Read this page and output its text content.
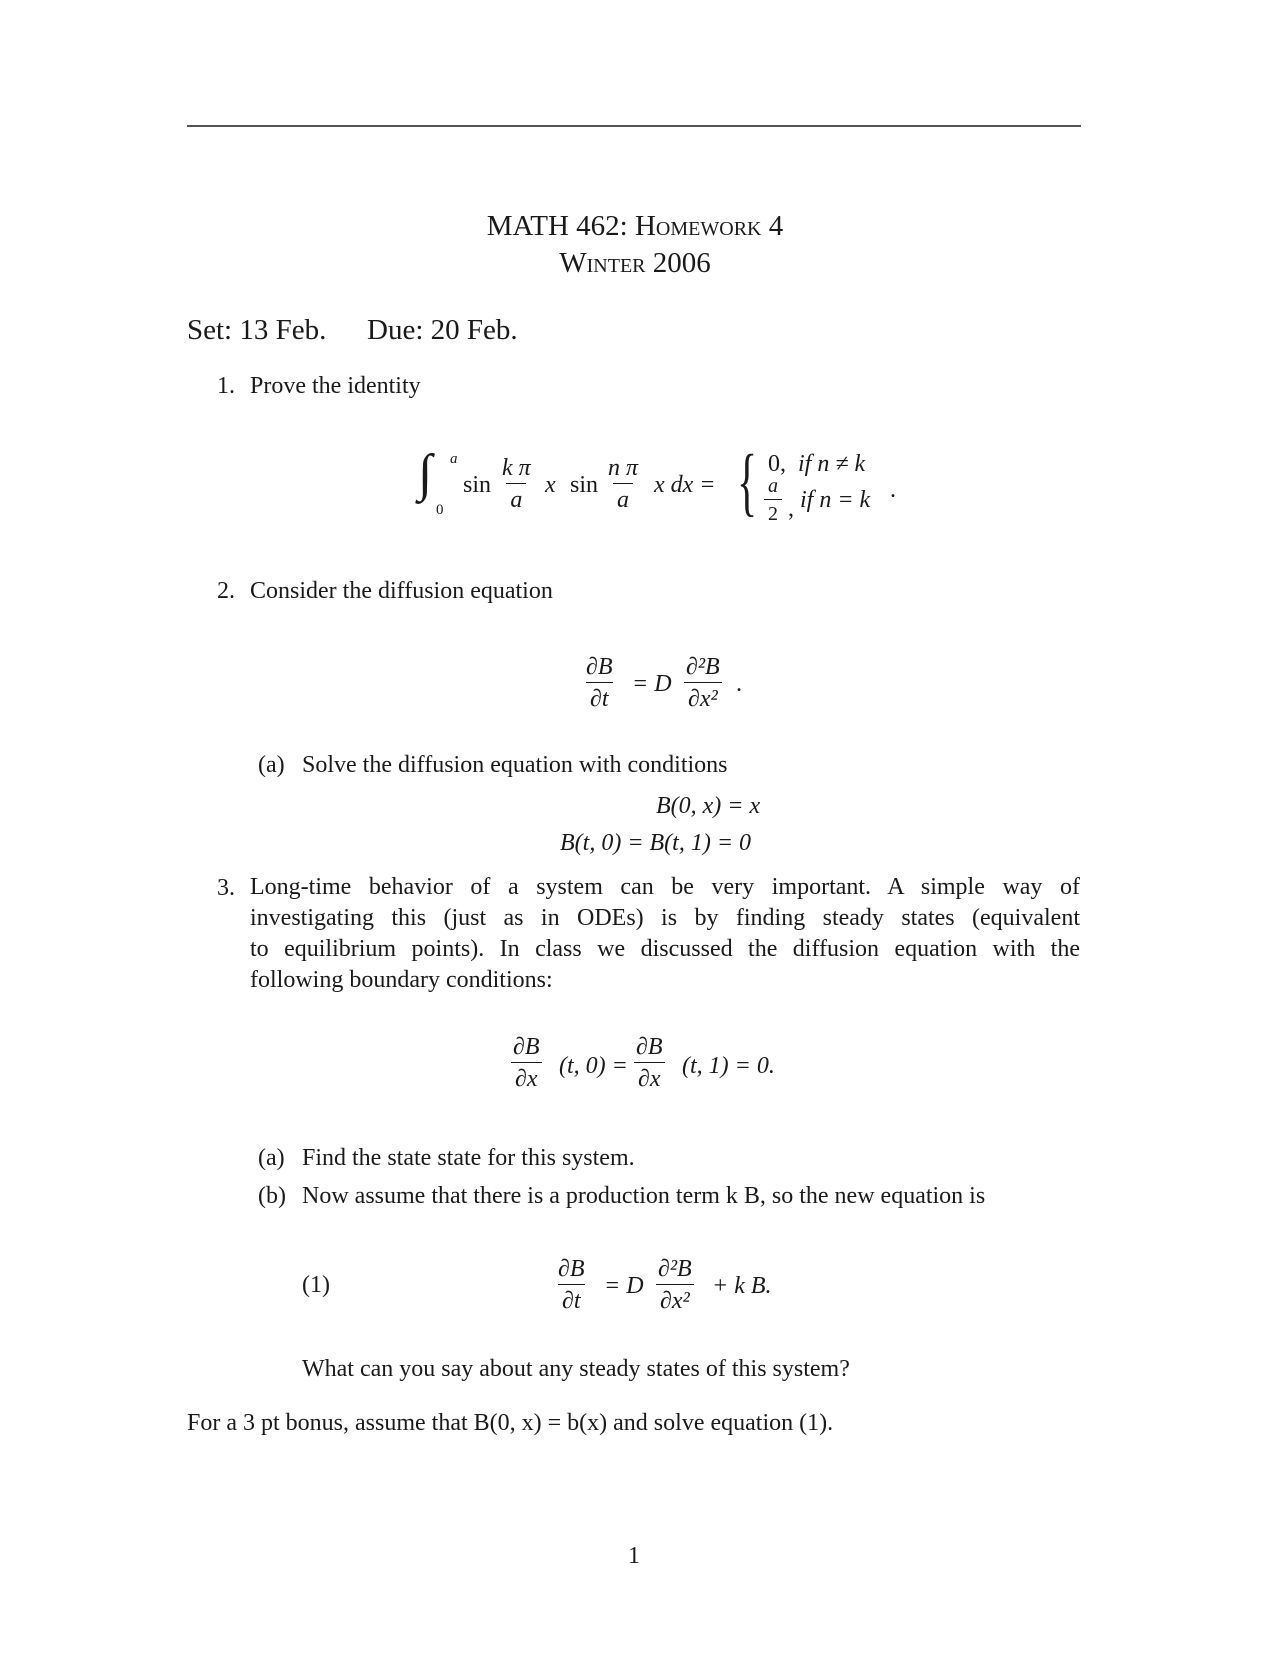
MATH 462: Homework 4
Winter 2006
Set: 13 Feb. Due: 20 Feb.
1. Prove the identity
∫ a
0
$\sin \frac{\text{k π}}{a}$ x $\sin \frac{\text{n π}}{a}$ x dx = { 0, if n ≠ k
$\frac{a}{2}$ , if n = k .
2. Consider the diffusion equation
$\frac{\partial B}{\partial t} = D \frac{\text{∂²B}}{\text{∂x²}}$ .
(a) Solve the diffusion equation with conditions
B(0, x) = x
B(t, 0) = B(t, 1) = 0
3. Long-time behavior of a system can be very important. A simple way of
investigating this (just as in ODEs) is by finding steady states (equivalent
to equilibrium points). In class we discussed the diffusion equation with the
following boundary conditions:
$\frac{\partial B}{\partial x} (t$, $0) = \frac{\partial B}{\partial x} (t$, 1) = 0.
(a) Find the state state for this system.
(b) Now assume that there is a production term k B, so the new equation is
(1)	$\frac{\partial B}{\partial t} = D \frac{\text{∂²B}}{\text{∂x²}} + k$ B.
What can you say about any steady states of this system?
For a 3 pt bonus, assume that B(0, x) = b(x) and solve equation (1).
1
